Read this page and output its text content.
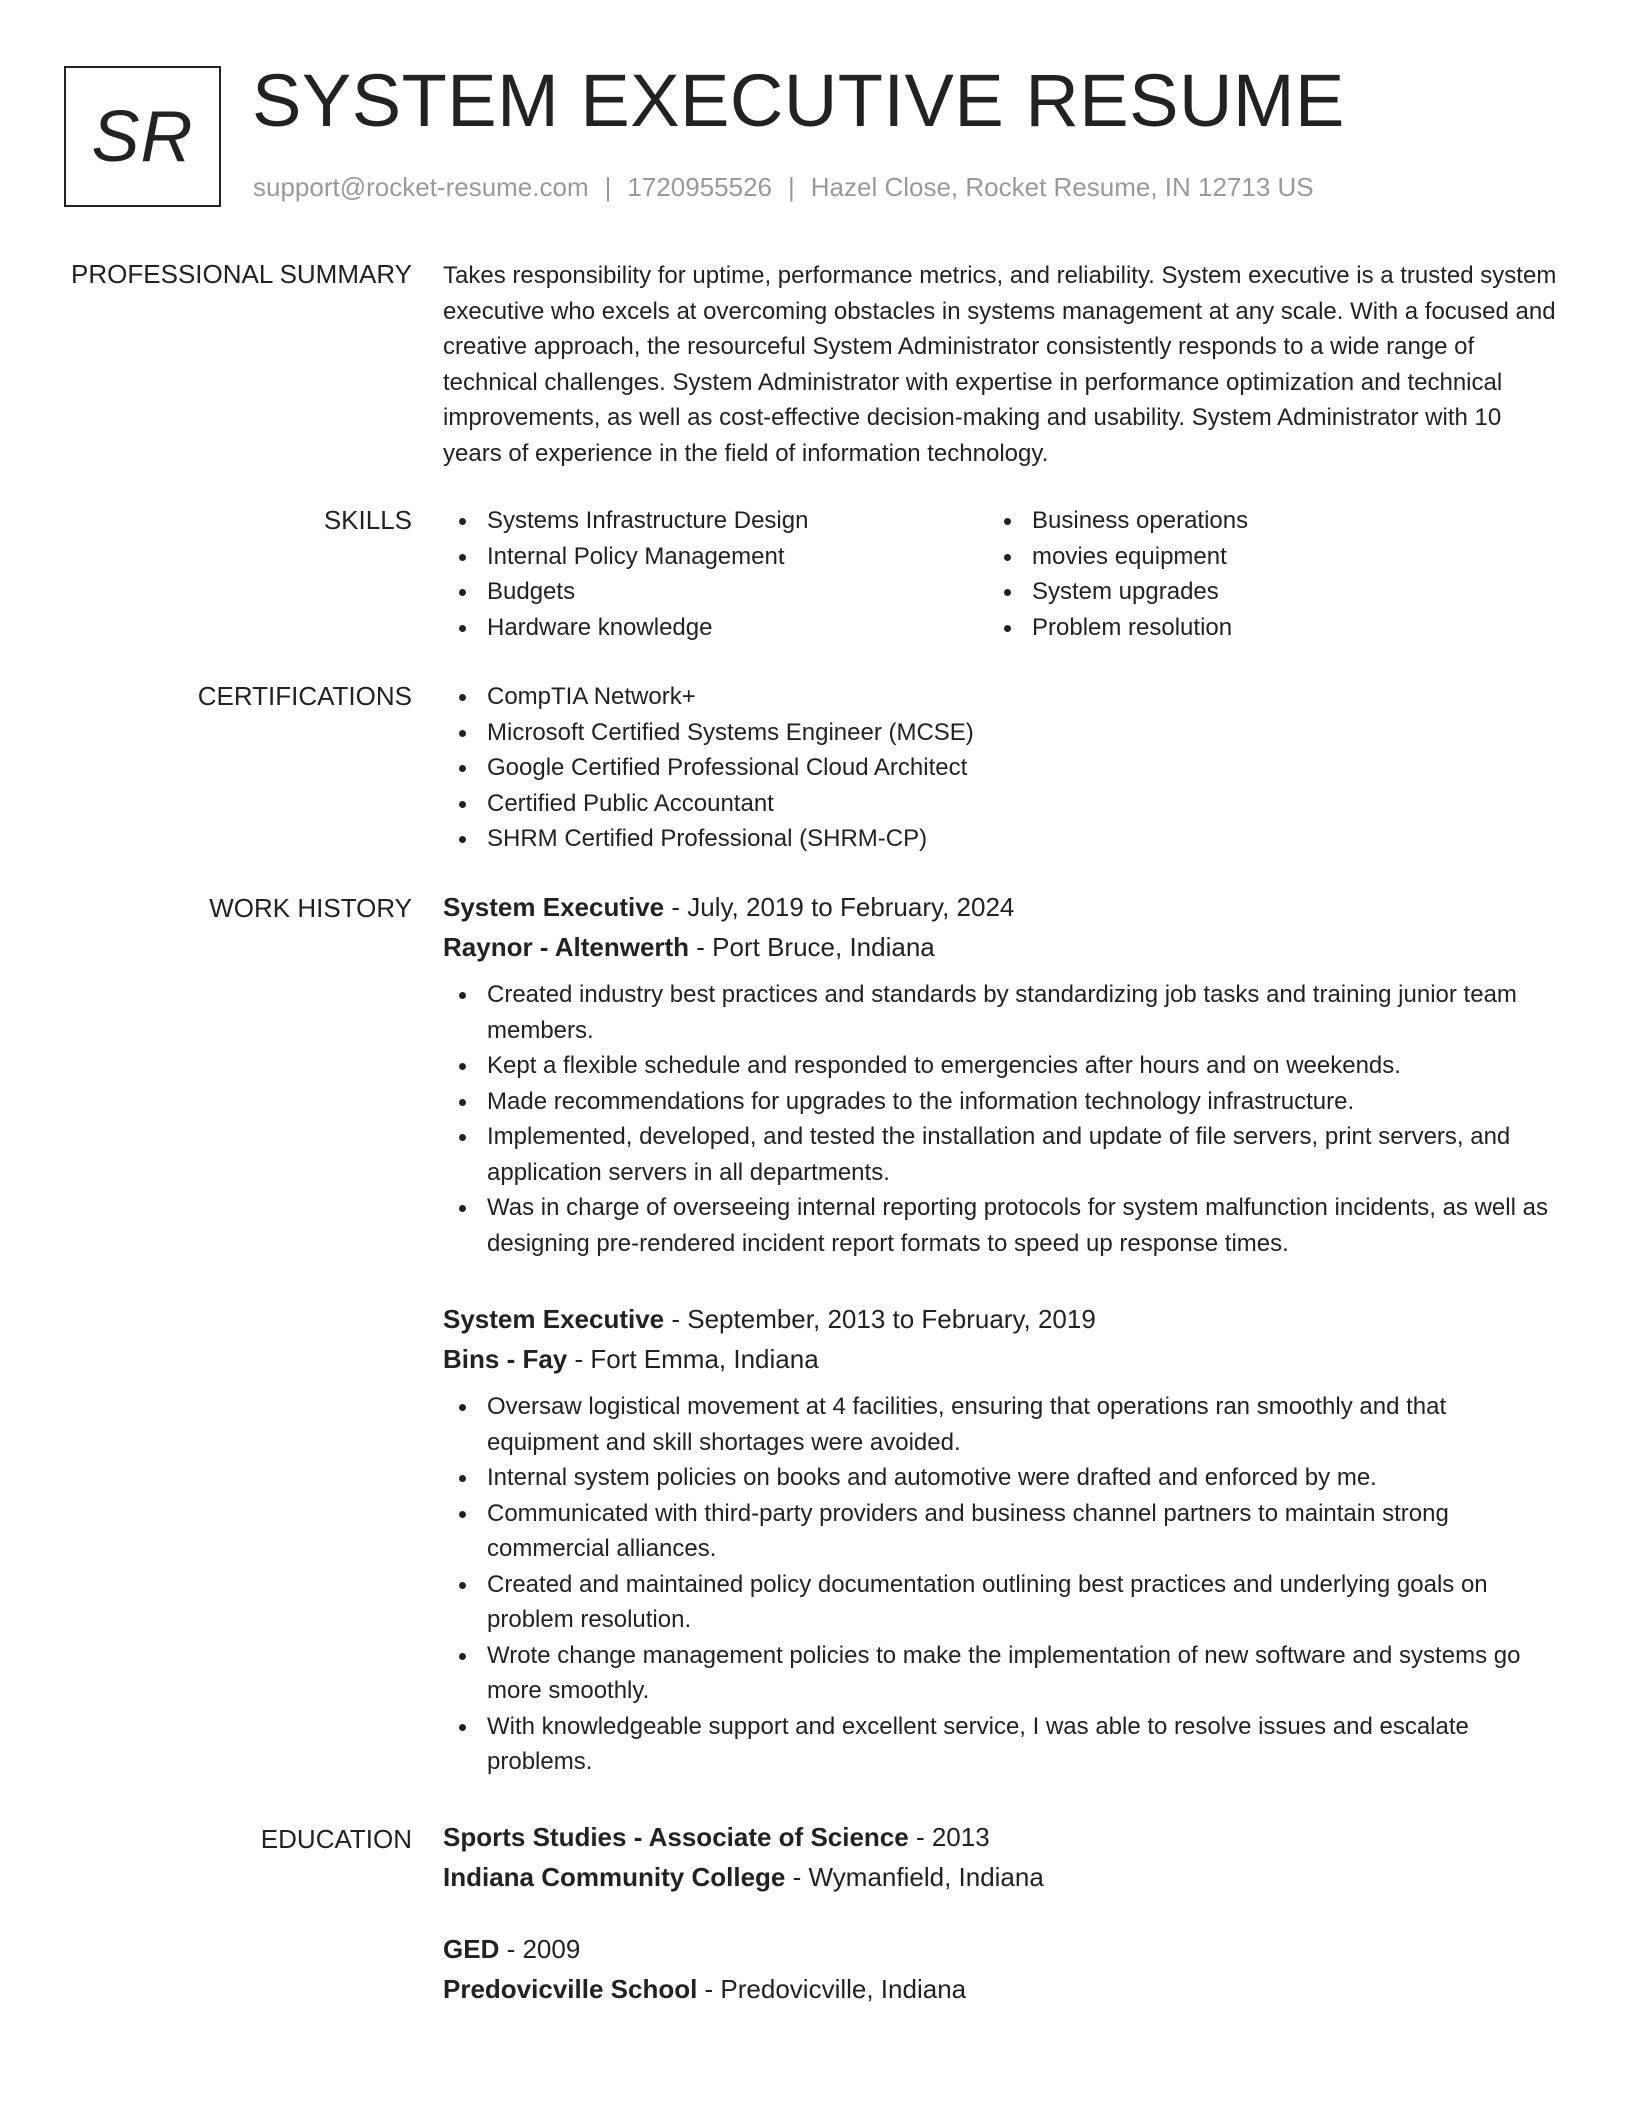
SR SYSTEM EXECUTIVE RESUME
support@rocket-resume.com | 1720955526 | Hazel Close, Rocket Resume, IN 12713 US
PROFESSIONAL SUMMARY Takes responsibility for uptime, performance metrics, and reliability. System executive is a trusted system executive who excels at overcoming obstacles in systems management at any scale. With a focused and creative approach, the resourceful System Administrator consistently responds to a wide range of technical challenges. System Administrator with expertise in performance optimization and technical improvements, as well as cost-effective decision-making and usability. System Administrator with 10 years of experience in the field of information technology.

SKILLS	Systems Infrastructure Design
Internal Policy Management
Budgets
Hardware knowledge
Business operations
movies equipment
System upgrades
Problem resolution
CERTIFICATIONS	CompTIA Network+
Microsoft Certified Systems Engineer (MCSE)
Google Certified Professional Cloud Architect
Certified Public Accountant
SHRM Certified Professional (SHRM-CP)
WORK HISTORY System Executive - July, 2019 to February, 2024
Raynor - Altenwerth - Port Bruce, Indiana
Created industry best practices and standards by standardizing job tasks and training junior team members.
Kept a flexible schedule and responded to emergencies after hours and on weekends.
Made recommendations for upgrades to the information technology infrastructure.
Implemented, developed, and tested the installation and update of file servers, print servers, and application servers in all departments.
Was in charge of overseeing internal reporting protocols for system malfunction incidents, as well as designing pre-rendered incident report formats to speed up response times.
System Executive - September, 2013 to February, 2019
Bins - Fay - Fort Emma, Indiana
Oversaw logistical movement at 4 facilities, ensuring that operations ran smoothly and that equipment and skill shortages were avoided.
Internal system policies on books and automotive were drafted and enforced by me.
Communicated with third-party providers and business channel partners to maintain strong commercial alliances.
Created and maintained policy documentation outlining best practices and underlying goals on problem resolution.
Wrote change management policies to make the implementation of new software and systems go more smoothly.
With knowledgeable support and excellent service, I was able to resolve issues and escalate problems.
EDUCATION Sports Studies - Associate of Science - 2013
Indiana Community College - Wymanfield, Indiana
GED - 2009
Predovicville School - Predovicville, Indiana
